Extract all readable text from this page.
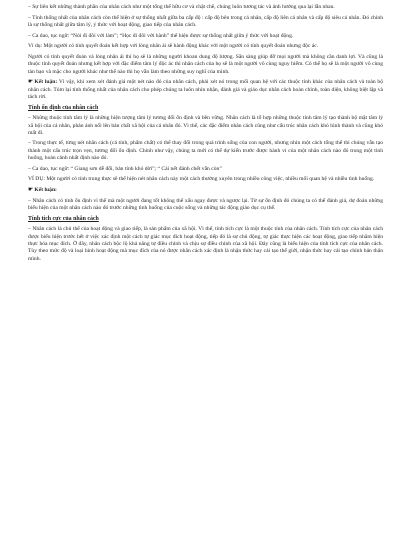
– Sự liên kết những thành phần của nhân cách như một tổng thể hữu cơ và chặt chẽ, chúng luôn tương tác và ảnh hưởng qua lại lẫn nhau.

– Tính thống nhất của nhân cách còn thể hiện ở sự thống nhất giữa ba cấp độ : cấp độ bên trong cá nhân, cấp độ liên cá nhân và cấp độ siêu cá nhân. Đó chính là sự thống nhất giữa tâm lý, ý thức với hoạt động, giao tiếp của nhân cách.

– Ca dao, tục ngữ: “Nói đi đôi với làm”; “Học đi đôi với hành” thể hiện được sự thống nhất giữa ý thức với hoạt động.

Ví dụ: Một người có tính quyết đoán kết hợp với lòng nhân ái sẽ hành động khác với một người có tính quyết đoán nhưng độc ác.

Người có tính quyết đoán và lòng nhân ái thì họ sẽ là những người khoan dung độ lượng. Sẵn sàng giúp đỡ mọi người mà không cần danh lợi. Và cũng là thuộc tính quyết đoán nhưng kết hợp với đặc điểm tâm lý độc ác thì nhân cách của họ sẽ là một người vô cùng nguy hiểm. Có thể họ sẽ là một người vô cùng tàn bạo và mặc cho người khác như thế nào thì họ vẫn làm theo những suy nghĩ của mình.

☛Kết luận: Vì vậy, khi xem xét đánh giá một nét nào đó của nhân cách, phải xét nó trong mối quan hệ với các thuộc tính khác của nhân cách và toàn bộ nhân cách. Tóm lại tính thống nhất của nhân cách cho phép chúng ta luôn nhìn nhận, đánh giá và giáo dục nhân cách hoàn chỉnh, toàn diện, không biệt lập và tách rời.

Tính ổn định của nhân cách

– Những thuộc tính tâm lý là những hiện tượng tâm lý tương đối ổn định và bền vững. Nhân cách là tổ hợp những thuộc tính tâm lý tạo thành bộ mặt tâm lý xã hội của cá nhân, phản ánh nổi lên bản chất xã hội của cá nhân đó. Vì thế, các đặc điểm nhân cách cũng như cấu trúc nhân cách khó hình thành và cũng khó mất đi.

– Trong thực tế, từng nét nhân cách (cá tính, phẩm chất) có thể thay đổi trong quá trình sống của con người, nhưng nhìn một cách tổng thể thì chúng vẫn tạo thành một cấu trúc trọn vẹn, tương đối ổn định. Chính như vậy, chúng ta mới có thể dự kiến trước được hành vi của một nhân cách nào đó trong một tình huống, hoàn cảnh nhất định nào đó.

– Ca dao, tục ngữ: “ Giang sơn dễ đổi, bản tính khó dời”; “ Cái nết đánh chết vẫn còn”

VÍ DỤ: Một người có tính trung thực sẽ thể hiện nét nhân cách này một cách thường xuyên trong nhiều công việc, nhiều mối quan hệ và nhiều tình huống.

☛Kết luận:

– Nhân cách có tính ổn định vì thế mà một người đang tốt không thể xấu ngay được và ngược lại. Từ sự ổn định đó chúng ta có thể đánh giá, dự đoán những biểu hiện của một nhân cách nào đó trước những tình huống của cuộc sống và những tác động giáo dục cụ thể.

Tính tích cực của nhân cách

– Nhân cách là chủ thể của hoạt động và giao tiếp, là sản phẩm của xã hội. Vì thế, tính tích cực là một thuộc tính của nhân cách. Tính tích cực của nhân cách được biểu hiện trước hết ở việc xác định một cách tự giác mục đích hoạt động, tiếp đó là sự chủ động, tự giác thực hiện các hoạt động, giao tiếp nhằm hiện thực hóa mục đích. Ở đây, nhân cách bộc lộ khả năng tự điều chỉnh và chịu sự điều chỉnh của xã hội. Đây cũng là biểu hiện của tính tích cực của nhân cách. Tùy theo mức độ và loại hình hoạt động mà mục đích của nó được nhân cách xác định là nhận thức hay cải tạo thế giới, nhận thức hay cải tạo chính bản thân mình.
